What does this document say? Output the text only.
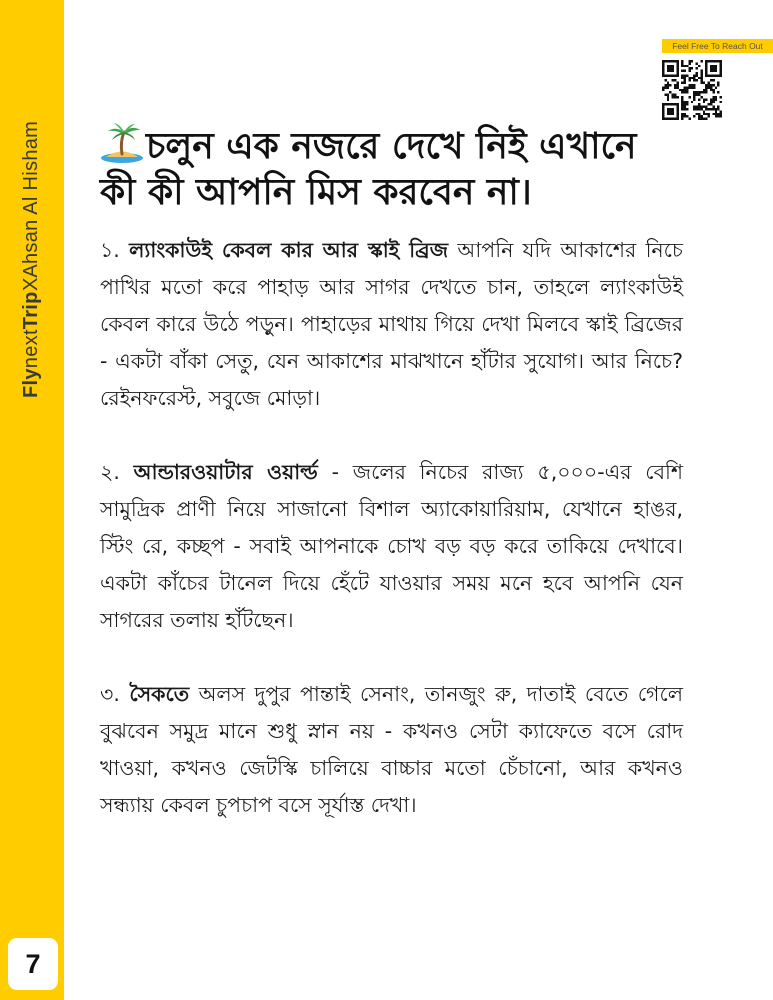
FlynextTripXAhsan Al Hisham
7
Feel Free To Reach Out
চলুন এক নজরে দেখে নিই এখানে
কী কী আপনি মিস করবেন না।

১. ল্যাংকাউই কেবল কার আর স্কাই ব্রিজ আপনি যদি আকাশের নিচে পাখির মতো করে পাহাড় আর সাগর দেখতে চান, তাহলে ল্যাংকাউই কেবল কারে উঠে পড়ুন। পাহাড়ের মাথায় গিয়ে দেখা মিলবে স্কাই ব্রিজের - একটা বাঁকা সেতু, যেন আকাশের মাঝখানে হাঁটার সুযোগ। আর নিচে? রেইনফরেস্ট, সবুজে মোড়া।

২. আন্ডারওয়াটার ওয়ার্ল্ড - জলের নিচের রাজ্য ৫,০০০-এর বেশি সামুদ্রিক প্রাণী নিয়ে সাজানো বিশাল অ্যাকোয়ারিয়াম, যেখানে হাঙর, স্টিং রে, কচ্ছপ - সবাই আপনাকে চোখ বড় বড় করে তাকিয়ে দেখাবে। একটা কাঁচের টানেল দিয়ে হেঁটে যাওয়ার সময় মনে হবে আপনি যেন সাগরের তলায় হাঁটছেন।

৩. সৈকতে অলস দুপুর পান্তাই সেনাং, তানজুং রু, দাতাই বেতে গেলে বুঝবেন সমুদ্র মানে শুধু স্নান নয় - কখনও সেটা ক্যাফেতে বসে রোদ খাওয়া, কখনও জেটস্কি চালিয়ে বাচ্চার মতো চেঁচানো, আর কখনও সন্ধ্যায় কেবল চুপচাপ বসে সূর্যাস্ত দেখা।
